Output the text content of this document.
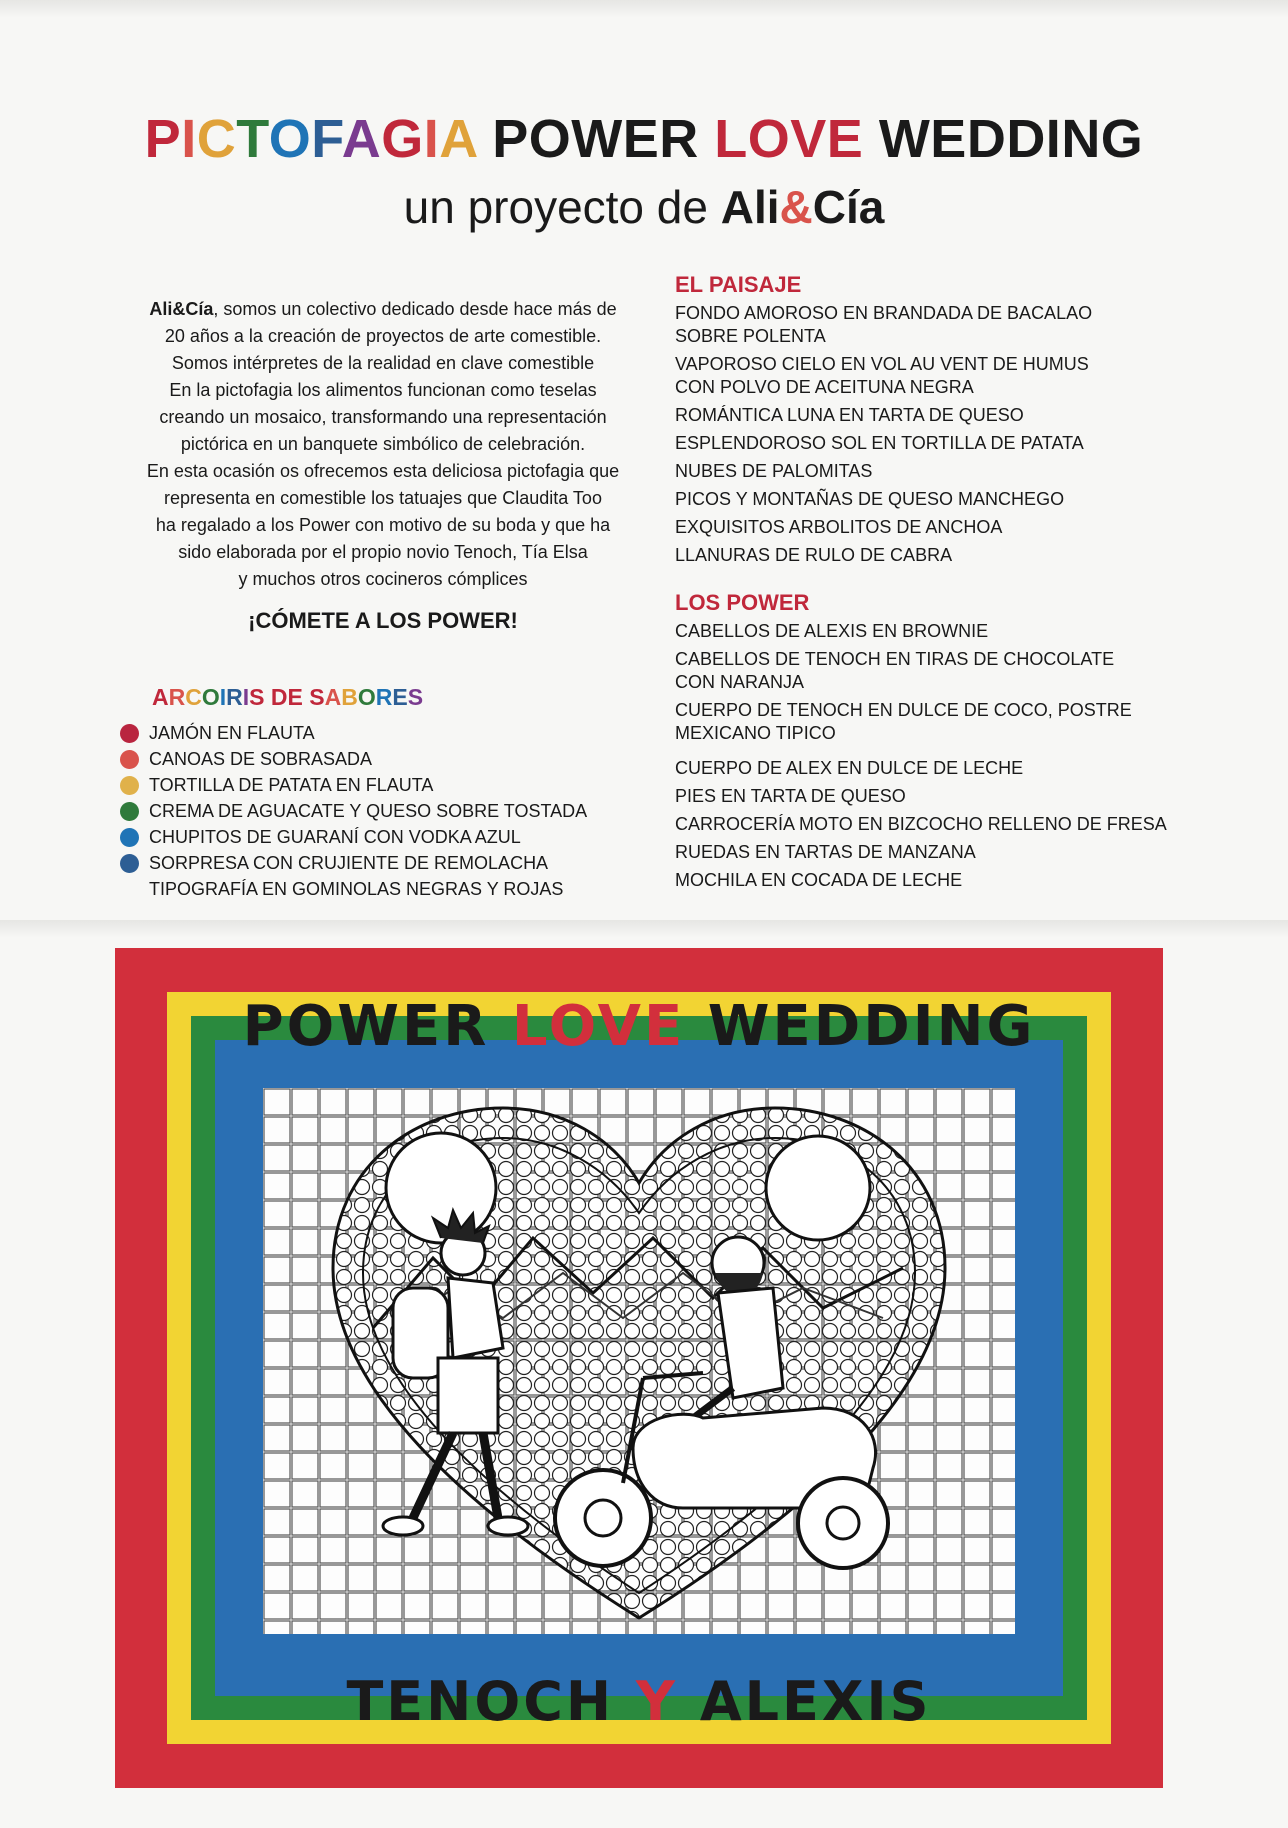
PICTOFAGIA POWER LOVE WEDDING
un proyecto de Ali&Cía
Ali&Cía, somos un colectivo dedicado desde hace más de
20 años a la creación de proyectos de arte comestible.
Somos intérpretes de la realidad en clave comestible
En la pictofagia los alimentos funcionan como teselas
creando un mosaico, transformando una representación
pictórica en un banquete simbólico de celebración.
En esta ocasión os ofrecemos esta deliciosa pictofagia que
representa en comestible los tatuajes que Claudita Too
ha regalado a los Power con motivo de su boda y que ha
sido elaborada por el propio novio Tenoch, Tía Elsa
y muchos otros cocineros cómplices
¡CÓMETE A LOS POWER!
ARCOIRIS DE SABORES
JAMÓN EN FLAUTA
CANOAS DE SOBRASADA
TORTILLA DE PATATA EN FLAUTA
CREMA DE AGUACATE Y QUESO SOBRE TOSTADA
CHUPITOS DE GUARANÍ CON VODKA AZUL
SORPRESA CON CRUJIENTE DE REMOLACHA
TIPOGRAFÍA EN GOMINOLAS NEGRAS Y ROJAS
EL PAISAJE
FONDO AMOROSO EN BRANDADA DE BACALAO
SOBRE POLENTA
VAPOROSO CIELO EN VOL AU VENT DE HUMUS
CON POLVO DE ACEITUNA NEGRA
ROMÁNTICA LUNA EN TARTA DE QUESO
ESPLENDOROSO SOL EN TORTILLA DE PATATA
NUBES DE PALOMITAS
PICOS Y MONTAÑAS DE QUESO MANCHEGO
EXQUISITOS ARBOLITOS DE ANCHOA
LLANURAS DE RULO DE CABRA
LOS POWER
CABELLOS DE ALEXIS EN BROWNIE
CABELLOS DE TENOCH EN TIRAS DE CHOCOLATE
CON NARANJA
CUERPO DE TENOCH EN DULCE DE COCO, POSTRE
MEXICANO TIPICO
CUERPO DE ALEX EN DULCE DE LECHE
PIES EN TARTA DE QUESO
CARROCERÍA MOTO EN BIZCOCHO RELLENO DE FRESA
RUEDAS EN TARTAS DE MANZANA
MOCHILA EN COCADA DE LECHE
POWER LOVE WEDDING
TENOCH Y ALEXIS
